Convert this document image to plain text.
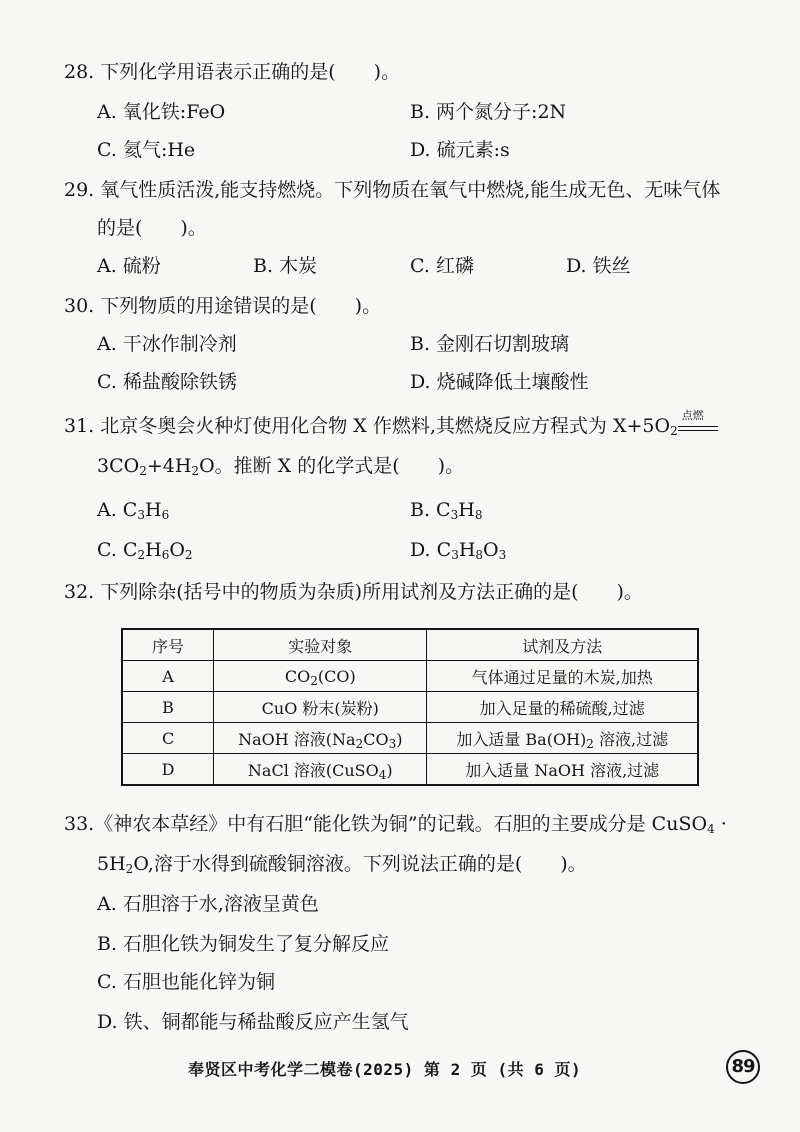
28. 下列化学用语表示正确的是(　　)。
A. 氧化铁:FeO	B. 两个氮分子:2N
C. 氦气:He	D. 硫元素:s
29. 氧气性质活泼,能支持燃烧。下列物质在氧气中燃烧,能生成无色、无味气体
的是(　　)。
A. 硫粉	B. 木炭	C. 红磷	D. 铁丝
30. 下列物质的用途错误的是(　　)。
A. 干冰作制冷剂	B. 金刚石切割玻璃
C. 稀盐酸除铁锈	D. 烧碱降低土壤酸性
31. 北京冬奥会火种灯使用化合物 X 作燃料,其燃烧反应方程式为 $X+5O_2$
点燃
$3CO_2+4H_2O$。推断 X 的化学式是(　　)。
A. $C_3H_6$	B. $C_3H_8$
C. $C_2H_6O_2$	D. $C_3H_8O_3$
32. 下列除杂(括号中的物质为杂质)所用试剂及方法正确的是(　　)。
序号	实验对象	试剂及方法
A	$CO_2(CO)$	气体通过足量的木炭,加热
B	CuO 粉末(炭粉)	加入足量的稀硫酸,过滤
C	NaOH 溶液$(Na_2CO_3)$	加入适量 $Ba(OH)_2$ 溶液,过滤
D	NaCl 溶液(CuSO$_4$)	加入适量 NaOH 溶液,过滤
33.《神农本草经》中有石胆“能化铁为铜”的记载。石胆的主要成分是 CuSO$_4$ ·
$5H_2O$,溶于水得到硫酸铜溶液。下列说法正确的是(　　)。
A. 石胆溶于水,溶液呈黄色
B. 石胆化铁为铜发生了复分解反应
C. 石胆也能化锌为铜
D. 铁、铜都能与稀盐酸反应产生氢气
奉贤区中考化学二模卷(2025) 第 2 页 (共 6 页)	89
